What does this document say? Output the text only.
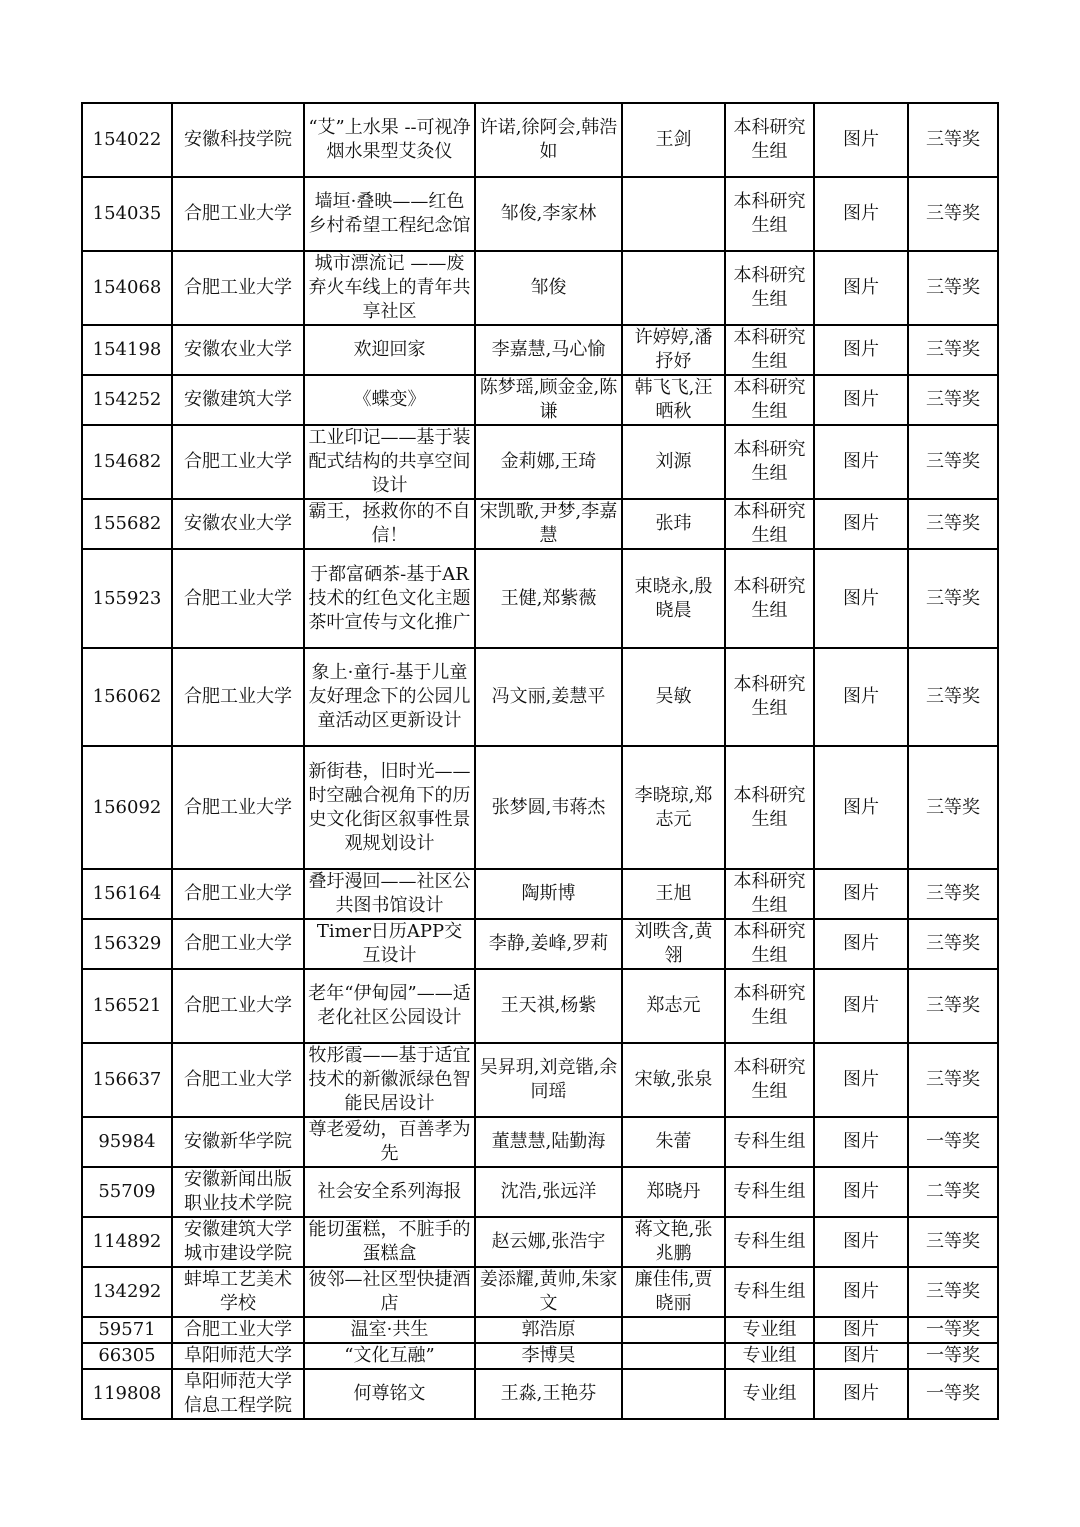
154022	安徽科技学院	“艾”上水果 --可视净烟水果型艾灸仪	许诺,徐阿会,韩浩如	王剑	本科研究生组	图片	三等奖
154035	合肥工业大学	墙垣·叠映——红色乡村希望工程纪念馆	邹俊,李家林		本科研究生组	图片	三等奖
154068	合肥工业大学	城市漂流记 ——废弃火车线上的青年共享社区	邹俊		本科研究生组	图片	三等奖
154198	安徽农业大学	欢迎回家	李嘉慧,马心愉	许婷婷,潘抒妤	本科研究生组	图片	三等奖
154252	安徽建筑大学	《蝶变》	陈梦瑶,顾金金,陈谦	韩飞飞,汪晒秋	本科研究生组	图片	三等奖
154682	合肥工业大学	工业印记——基于装配式结构的共享空间设计	金莉娜,王琦	刘源	本科研究生组	图片	三等奖
155682	安徽农业大学	霸王，拯救你的不自信！	宋凯歌,尹梦,李嘉慧	张玮	本科研究生组	图片	三等奖
155923	合肥工业大学	于都富硒茶-基于AR技术的红色文化主题茶叶宣传与文化推广	王健,郑紫薇	束晓永,殷晓晨	本科研究生组	图片	三等奖
156062	合肥工业大学	象上·童行-基于儿童友好理念下的公园儿童活动区更新设计	冯文丽,姜慧平	吴敏	本科研究生组	图片	三等奖
156092	合肥工业大学	新街巷，旧时光——时空融合视角下的历史文化街区叙事性景观规划设计	张梦圆,韦蒋杰	李晓琼,郑志元	本科研究生组	图片	三等奖
156164	合肥工业大学	叠圩漫回——社区公共图书馆设计	陶斯博	王旭	本科研究生组	图片	三等奖
156329	合肥工业大学	Timer日历APP交互设计	李静,姜峰,罗莉	刘昳含,黄翎	本科研究生组	图片	三等奖
156521	合肥工业大学	老年“伊甸园”——适老化社区公园设计	王天祺,杨紫	郑志元	本科研究生组	图片	三等奖
156637	合肥工业大学	牧彤霞——基于适宜技术的新徽派绿色智能民居设计	吴昇玥,刘竞锴,余同瑶	宋敏,张泉	本科研究生组	图片	三等奖
95984	安徽新华学院	尊老爱幼，百善孝为先	董慧慧,陆勤海	朱蕾	专科生组	图片	一等奖
55709	安徽新闻出版职业技术学院	社会安全系列海报	沈浩,张远洋	郑晓丹	专科生组	图片	二等奖
114892	安徽建筑大学城市建设学院	能切蛋糕，不脏手的蛋糕盒	赵云娜,张浩宇	蒋文艳,张兆鹏	专科生组	图片	三等奖
134292	蚌埠工艺美术学校	彼邻—社区型快捷酒店	姜添耀,黄帅,朱家文	廉佳伟,贾晓丽	专科生组	图片	三等奖
59571	合肥工业大学	温室·共生	郭浩原		专业组	图片	一等奖
66305	阜阳师范大学	“文化互融”	李博昊		专业组	图片	一等奖
119808	阜阳师范大学信息工程学院	何尊铭文	王淼,王艳芬		专业组	图片	一等奖
